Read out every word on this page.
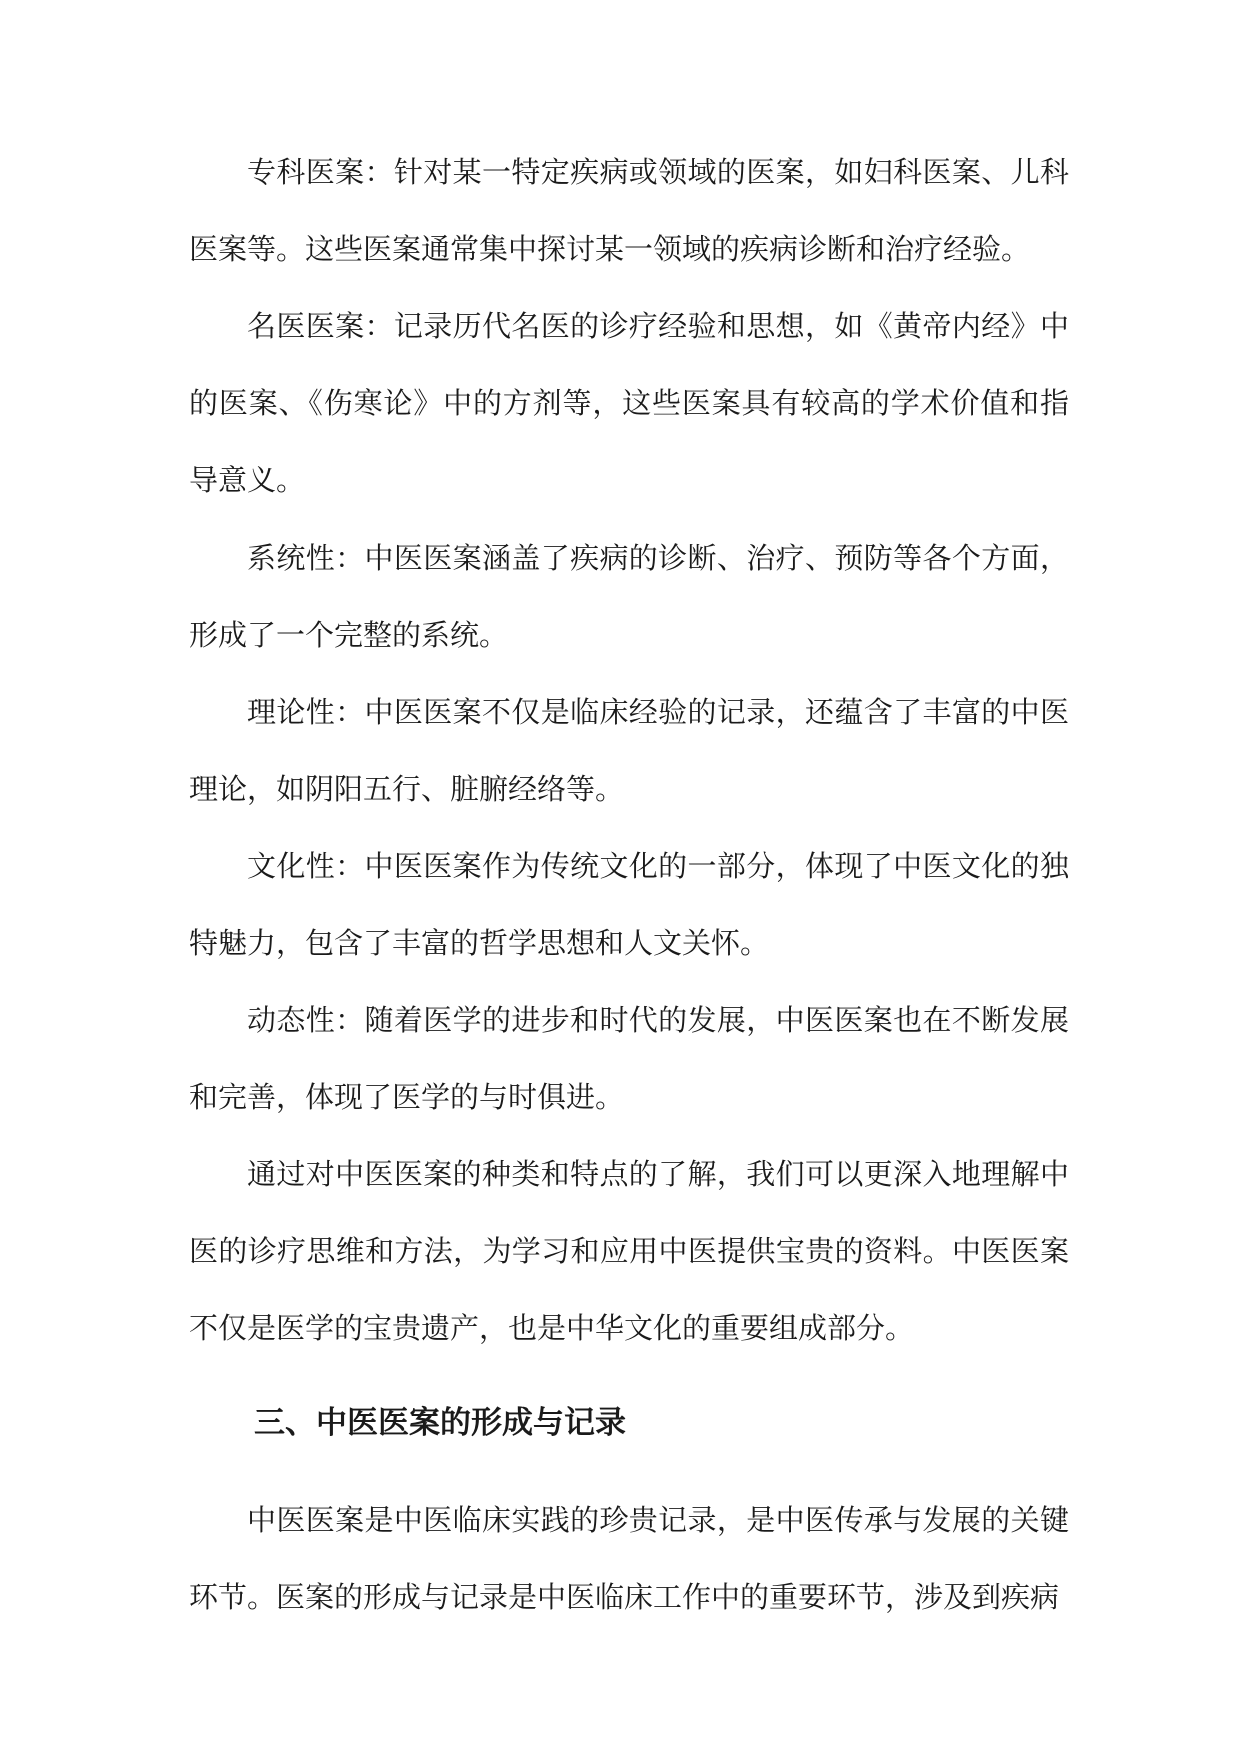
专科医案：针对某一特定疾病或领域的医案，如妇科医案、儿科医案等。这些医案通常集中探讨某一领域的疾病诊断和治疗经验。

名医医案：记录历代名医的诊疗经验和思想，如《黄帝内经》中的医案、《伤寒论》中的方剂等，这些医案具有较高的学术价值和指导意义。

系统性：中医医案涵盖了疾病的诊断、治疗、预防等各个方面，形成了一个完整的系统。

理论性：中医医案不仅是临床经验的记录，还蕴含了丰富的中医理论，如阴阳五行、脏腑经络等。

文化性：中医医案作为传统文化的一部分，体现了中医文化的独特魅力，包含了丰富的哲学思想和人文关怀。

动态性：随着医学的进步和时代的发展，中医医案也在不断发展和完善，体现了医学的与时俱进。

通过对中医医案的种类和特点的了解，我们可以更深入地理解中医的诊疗思维和方法，为学习和应用中医提供宝贵的资料。中医医案不仅是医学的宝贵遗产，也是中华文化的重要组成部分。

三、中医医案的形成与记录

中医医案是中医临床实践的珍贵记录，是中医传承与发展的关键环节。医案的形成与记录是中医临床工作中的重要环节，涉及到疾病
